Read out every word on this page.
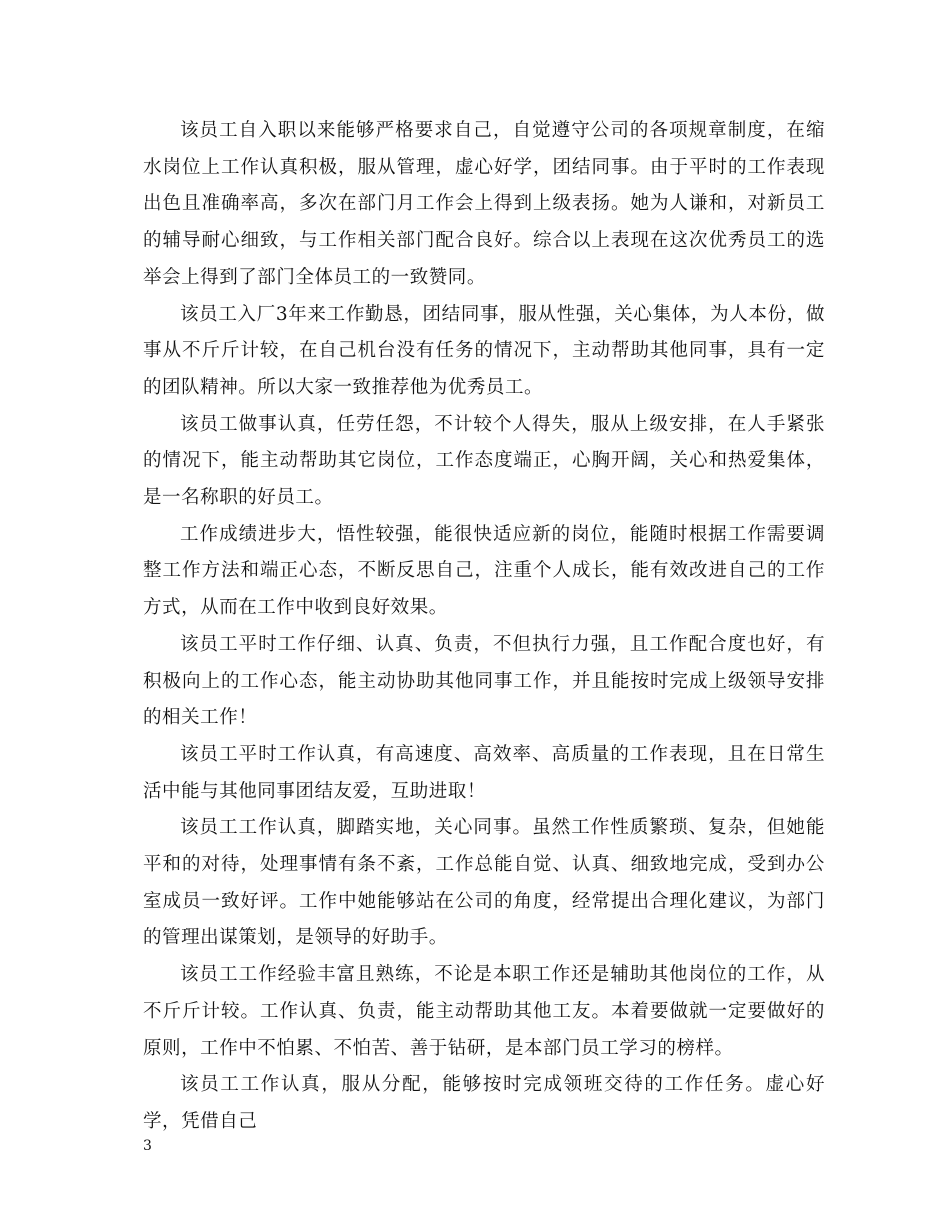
该员工自入职以来能够严格要求自己，自觉遵守公司的各项规章制度，在缩水岗位上工作认真积极，服从管理，虚心好学，团结同事。由于平时的工作表现出色且准确率高，多次在部门月工作会上得到上级表扬。她为人谦和，对新员工的辅导耐心细致，与工作相关部门配合良好。综合以上表现在这次优秀员工的选举会上得到了部门全体员工的一致赞同。

该员工入厂3年来工作勤恳，团结同事，服从性强，关心集体，为人本份，做事从不斤斤计较，在自己机台没有任务的情况下，主动帮助其他同事，具有一定的团队精神。所以大家一致推荐他为优秀员工。

该员工做事认真，任劳任怨，不计较个人得失，服从上级安排，在人手紧张的情况下，能主动帮助其它岗位，工作态度端正，心胸开阔，关心和热爱集体，是一名称职的好员工。

工作成绩进步大，悟性较强，能很快适应新的岗位，能随时根据工作需要调整工作方法和端正心态，不断反思自己，注重个人成长，能有效改进自己的工作方式，从而在工作中收到良好效果。

该员工平时工作仔细、认真、负责，不但执行力强，且工作配合度也好，有积极向上的工作心态，能主动协助其他同事工作，并且能按时完成上级领导安排的相关工作！

该员工平时工作认真，有高速度、高效率、高质量的工作表现，且在日常生活中能与其他同事团结友爱，互助进取！

该员工工作认真，脚踏实地，关心同事。虽然工作性质繁琐、复杂，但她能平和的对待，处理事情有条不紊，工作总能自觉、认真、细致地完成，受到办公室成员一致好评。工作中她能够站在公司的角度，经常提出合理化建议，为部门的管理出谋策划，是领导的好助手。

该员工工作经验丰富且熟练，不论是本职工作还是辅助其他岗位的工作，从不斤斤计较。工作认真、负责，能主动帮助其他工友。本着要做就一定要做好的原则，工作中不怕累、不怕苦、善于钻研，是本部门员工学习的榜样。

该员工工作认真，服从分配，能够按时完成领班交待的工作任务。虚心好学，凭借自己

3
